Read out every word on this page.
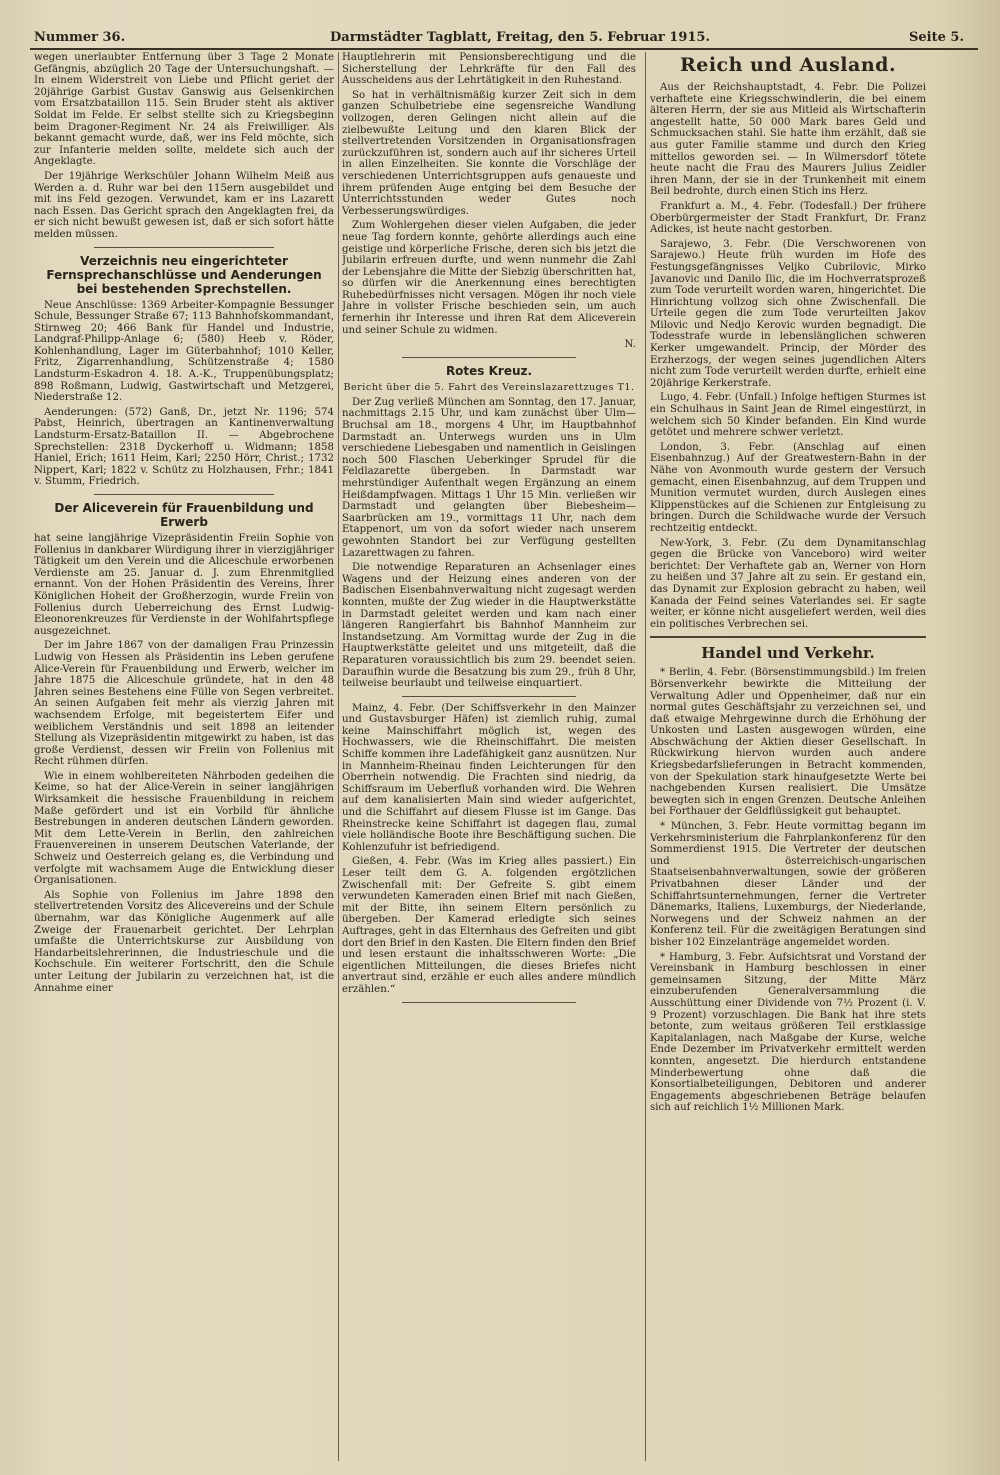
Nummer 36.	Darmstädter Tagblatt, Freitag, den 5. Februar 1915.	Seite 5.

wegen unerlaubter Entfernung über 3 Tage 2 Monate Gefängnis, abzüglich 20 Tage der Untersuchungshaft. — In einem Widerstreit von Liebe und Pflicht geriet der 20jährige Garbist Gustav Ganswig aus Gelsenkirchen vom Ersatzbataillon 115. Sein Bruder steht als aktiver Soldat im Felde. Er selbst stellte sich zu Kriegsbeginn beim Dragoner-Regiment Nr. 24 als Freiwilliger. Als bekannt gemacht wurde, daß, wer ins Feld möchte, sich zur Infanterie melden sollte, meldete sich auch der Angeklagte.

Der 19jährige Werkschüler Johann Wilhelm Meiß aus Werden a. d. Ruhr war bei den 115ern ausgebildet und mit ins Feld gezogen. Verwundet, kam er ins Lazarett nach Essen. Das Gericht sprach den Angeklagten frei, da er sich nicht bewußt gewesen ist, daß er sich sofort hätte melden müssen.

Verzeichnis neu eingerichteter Fernsprechanschlüsse und Aenderungen bei bestehenden Sprechstellen.

Neue Anschlüsse: 1369 Arbeiter-Kompagnie Bessunger Schule, Bessunger Straße 67; 113 Bahnhofskommandant, Stirnweg 20; 466 Bank für Handel und Industrie, Landgraf-Philipp-Anlage 6; (580) Heeb v. Röder, Kohlenhandlung, Lager im Güterbahnhof; 1010 Keller, Fritz, Zigarrenhandlung, Schützenstraße 4; 1580 Landsturm-Eskadron 4. 18. A.-K., Truppenübungsplatz; 898 Roßmann, Ludwig, Gastwirtschaft und Metzgerei, Niederstraße 12.

Aenderungen: (572) Ganß, Dr., jetzt Nr. 1196; 574 Pabst, Heinrich, übertragen an Kantinenverwaltung Landsturm-Ersatz-Bataillon II. — Abgebrochene Sprechstellen: 2318 Dyckerhoff u. Widmann; 1858 Haniel, Erich; 1611 Heim, Karl; 2250 Hörr, Christ.; 1732 Nippert, Karl; 1822 v. Schütz zu Holzhausen, Frhr.; 1841 v. Stumm, Friedrich.

Der Aliceverein für Frauenbildung und Erwerb

hat seine langjährige Vizepräsidentin Freiin Sophie von Follenius in dankbarer Würdigung ihrer in vierzigjähriger Tätigkeit um den Verein und die Aliceschule erworbenen Verdienste am 25. Januar d. J. zum Ehrenmitglied ernannt. Von der Hohen Präsidentin des Vereins, Ihrer Königlichen Hoheit der Großherzogin, wurde Freiin von Follenius durch Ueberreichung des Ernst Ludwig-Eleonorenkreuzes für Verdienste in der Wohlfahrtspflege ausgezeichnet.

Der im Jahre 1867 von der damaligen Frau Prinzessin Ludwig von Hessen als Präsidentin ins Leben gerufene Alice-Verein für Frauenbildung und Erwerb, welcher im Jahre 1875 die Aliceschule gründete, hat in den 48 Jahren seines Bestehens eine Fülle von Segen verbreitet. An seinen Aufgaben feit mehr als vierzig Jahren mit wachsendem Erfolge, mit begeistertem Eifer und weiblichem Verständnis und seit 1898 an leitender Stellung als Vizepräsidentin mitgewirkt zu haben, ist das große Verdienst, dessen wir Freiin von Follenius mit Recht rühmen dürfen.

Wie in einem wohlbereiteten Nährboden gedeihen die Keime, so hat der Alice-Verein in seiner langjährigen Wirksamkeit die hessische Frauenbildung in reichem Maße gefördert und ist ein Vorbild für ähnliche Bestrebungen in anderen deutschen Ländern geworden. Mit dem Lette-Verein in Berlin, den zahlreichen Frauenvereinen in unserem Deutschen Vaterlande, der Schweiz und Oesterreich gelang es, die Verbindung und verfolgte mit wachsamem Auge die Entwicklung dieser Organisationen.

Als Sophie von Follenius im Jahre 1898 den stellvertretenden Vorsitz des Alicevereins und der Schule übernahm, war das Königliche Augenmerk auf alle Zweige der Frauenarbeit gerichtet. Der Lehrplan umfaßte die Unterrichtskurse zur Ausbildung von Handarbeitslehrerinnen, die Industrieschule und die Kochschule. Ein weiterer Fortschritt, den die Schule unter Leitung der Jubilarin zu verzeichnen hat, ist die Annahme einer

Hauptlehrerin mit Pensionsberechtigung und die Sicherstellung der Lehrkräfte für den Fall des Ausscheidens aus der Lehrtätigkeit in den Ruhestand.

So hat in verhältnismäßig kurzer Zeit sich in dem ganzen Schulbetriebe eine segensreiche Wandlung vollzogen, deren Gelingen nicht allein auf die zielbewußte Leitung und den klaren Blick der stellvertretenden Vorsitzenden in Organisationsfragen zurückzuführen ist, sondern auch auf ihr sicheres Urteil in allen Einzelheiten. Sie konnte die Vorschläge der verschiedenen Unterrichtsgruppen aufs genaueste und ihrem prüfenden Auge entging bei dem Besuche der Unterrichtsstunden weder Gutes noch Verbesserungswürdiges.

Zum Wohlergehen dieser vielen Aufgaben, die jeder neue Tag fordern konnte, gehörte allerdings auch eine geistige und körperliche Frische, deren sich bis jetzt die Jubilarin erfreuen durfte, und wenn nunmehr die Zahl der Lebensjahre die Mitte der Siebzig überschritten hat, so dürfen wir die Anerkennung eines berechtigten Ruhebedürfnisses nicht versagen. Mögen ihr noch viele Jahre in vollster Frische beschieden sein, um auch fernerhin ihr Interesse und ihren Rat dem Aliceverein und seiner Schule zu widmen.

N.

Rotes Kreuz.
Bericht über die 5. Fahrt des Vereinslazarettzuges T1.

Der Zug verließ München am Sonntag, den 17. Januar, nachmittags 2.15 Uhr, und kam zunächst über Ulm—Bruchsal am 18., morgens 4 Uhr, im Hauptbahnhof Darmstadt an. Unterwegs wurden uns in Ulm verschiedene Liebesgaben und namentlich in Geislingen noch 500 Flaschen Ueberkinger Sprudel für die Feldlazarette übergeben. In Darmstadt war mehrstündiger Aufenthalt wegen Ergänzung an einem Heißdampfwagen. Mittags 1 Uhr 15 Min. verließen wir Darmstadt und gelangten über Biebesheim—Saarbrücken am 19., vormittags 11 Uhr, nach dem Etappenort, um von da sofort wieder nach unserem gewohnten Standort bei zur Verfügung gestellten Lazarettwagen zu fahren.

Die notwendige Reparaturen an Achsenlager eines Wagens und der Heizung eines anderen von der Badischen Eisenbahnverwaltung nicht zugesagt werden konnten, mußte der Zug wieder in die Hauptwerkstätte in Darmstadt geleitet werden und kam nach einer längeren Rangierfahrt bis Bahnhof Mannheim zur Instandsetzung. Am Vormittag wurde der Zug in die Hauptwerkstätte geleitet und uns mitgeteilt, daß die Reparaturen voraussichtlich bis zum 29. beendet seien. Daraufhin wurde die Besatzung bis zum 29., früh 8 Uhr, teilweise beurlaubt und teilweise einquartiert.

Mainz, 4. Febr. (Der Schiffsverkehr in den Mainzer und Gustavsburger Häfen) ist ziemlich ruhig, zumal keine Mainschiffahrt möglich ist, wegen des Hochwassers, wie die Rheinschiffahrt. Die meisten Schiffe kommen ihre Ladefähigkeit ganz ausnützen. Nur in Mannheim-Rheinau finden Leichterungen für den Oberrhein notwendig. Die Frachten sind niedrig, da Schiffsraum im Ueberfluß vorhanden wird. Die Wehren auf dem kanalisierten Main sind wieder aufgerichtet, und die Schiffahrt auf diesem Flusse ist im Gange. Das Rheinstrecke keine Schiffahrt ist dagegen flau, zumal viele holländische Boote ihre Beschäftigung suchen. Die Kohlenzufuhr ist befriedigend.

Gießen, 4. Febr. (Was im Krieg alles passiert.) Ein Leser teilt dem G. A. folgenden ergötzlichen Zwischenfall mit: Der Gefreite S. gibt einem verwundeten Kameraden einen Brief mit nach Gießen, mit der Bitte, ihn seinem Eltern persönlich zu übergeben. Der Kamerad erledigte sich seines Auftrages, geht in das Elternhaus des Gefreiten und gibt dort den Brief in den Kasten. Die Eltern finden den Brief und lesen erstaunt die inhaltsschweren Worte: „Die eigentlichen Mitteilungen, die dieses Briefes nicht anvertraut sind, erzähle er euch alles andere mündlich erzählen.“

Reich und Ausland.

Aus der Reichshauptstadt, 4. Febr. Die Polizei verhaftete eine Kriegsschwindlerin, die bei einem älteren Herrn, der sie aus Mitleid als Wirtschafterin angestellt hatte, 50 000 Mark bares Geld und Schmucksachen stahl. Sie hatte ihm erzählt, daß sie aus guter Familie stamme und durch den Krieg mittellos geworden sei. — In Wilmersdorf tötete heute nacht die Frau des Maurers Julius Zeidler ihren Mann, der sie in der Trunkenheit mit einem Beil bedrohte, durch einen Stich ins Herz.

Frankfurt a. M., 4. Febr. (Todesfall.) Der frühere Oberbürgermeister der Stadt Frankfurt, Dr. Franz Adickes, ist heute nacht gestorben.

Sarajewo, 3. Febr. (Die Verschworenen von Sarajewo.) Heute früh wurden im Hofe des Festungsgefängnisses Veljko Cubrilovic, Mirko Javanovic und Danilo Ilic, die im Hochverratsprozeß zum Tode verurteilt worden waren, hingerichtet. Die Hinrichtung vollzog sich ohne Zwischenfall. Die Urteile gegen die zum Tode verurteilten Jakov Milovic und Nedjo Kerovic wurden begnadigt. Die Todesstrafe wurde in lebenslänglichen schweren Kerker umgewandelt. Princip, der Mörder des Erzherzogs, der wegen seines jugendlichen Alters nicht zum Tode verurteilt werden durfte, erhielt eine 20jährige Kerkerstrafe.

Lugo, 4. Febr. (Unfall.) Infolge heftigen Sturmes ist ein Schulhaus in Saint Jean de Rimel eingestürzt, in welchem sich 50 Kinder befanden. Ein Kind wurde getötet und mehrere schwer verletzt.

London, 3. Febr. (Anschlag auf einen Eisenbahnzug.) Auf der Greatwestern-Bahn in der Nähe von Avonmouth wurde gestern der Versuch gemacht, einen Eisenbahnzug, auf dem Truppen und Munition vermutet wurden, durch Auslegen eines Klippenstückes auf die Schienen zur Entgleisung zu bringen. Durch die Schildwache wurde der Versuch rechtzeitig entdeckt.

New-York, 3. Febr. (Zu dem Dynamitanschlag gegen die Brücke von Vanceboro) wird weiter berichtet: Der Verhaftete gab an, Werner von Horn zu heißen und 37 Jahre alt zu sein. Er gestand ein, das Dynamit zur Explosion gebracht zu haben, weil Kanada der Feind seines Vaterlandes sei. Er sagte weiter, er könne nicht ausgeliefert werden, weil dies ein politisches Verbrechen sei.

Handel und Verkehr.

* Berlin, 4. Febr. (Börsenstimmungsbild.) Im freien Börsenverkehr bewirkte die Mitteilung der Verwaltung Adler und Oppenheimer, daß nur ein normal gutes Geschäftsjahr zu verzeichnen sei, und daß etwaige Mehrgewinne durch die Erhöhung der Unkosten und Lasten ausgewogen würden, eine Abschwächung der Aktien dieser Gesellschaft. In Rückwirkung hiervon wurden auch andere Kriegsbedarfslieferungen in Betracht kommenden, von der Spekulation stark hinaufgesetzte Werte bei nachgebenden Kursen realisiert. Die Umsätze bewegten sich in engen Grenzen. Deutsche Anleihen bei Forthauer der Geldflüssigkeit gut behauptet.

* München, 3. Febr. Heute vormittag begann im Verkehrsministerium die Fahrplankonferenz für den Sommerdienst 1915. Die Vertreter der deutschen und österreichisch-ungarischen Staatseisenbahnverwaltungen, sowie der größeren Privatbahnen dieser Länder und der Schiffahrtsunternehmungen, ferner die Vertreter Dänemarks, Italiens, Luxemburgs, der Niederlande, Norwegens und der Schweiz nahmen an der Konferenz teil. Für die zweitägigen Beratungen sind bisher 102 Einzelanträge angemeldet worden.

* Hamburg, 3. Febr. Aufsichtsrat und Vorstand der Vereinsbank in Hamburg beschlossen in einer gemeinsamen Sitzung, der Mitte März einzuberufenden Generalversammlung die Ausschüttung einer Dividende von 7½ Prozent (i. V. 9 Prozent) vorzuschlagen. Die Bank hat ihre stets betonte, zum weitaus größeren Teil erstklassige Kapitalanlagen, nach Maßgabe der Kurse, welche Ende Dezember im Privatverkehr ermittelt werden konnten, angesetzt. Die hierdurch entstandene Minderbewertung ohne daß die Konsortialbeteiligungen, Debitoren und anderer Engagements abgeschriebenen Beträge belaufen sich auf reichlich 1½ Millionen Mark.
